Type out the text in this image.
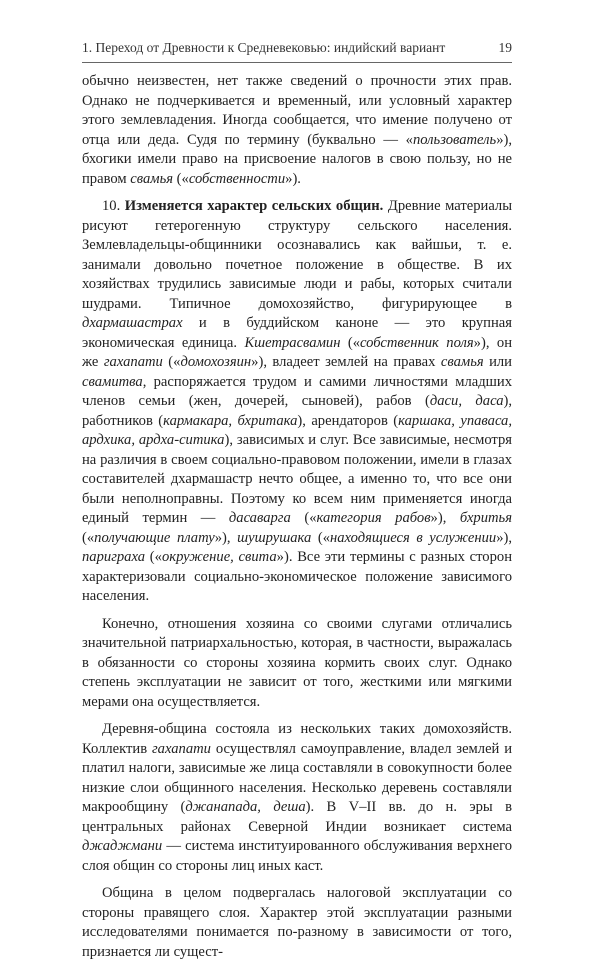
1. Переход от Древности к Средневековью: индийский вариант	19

обычно неизвестен, нет также сведений о прочности этих прав. Однако не подчеркивается и временный, или условный характер этого землевладения. Иногда сообщается, что имение получено от отца или деда. Судя по термину (буквально — «пользователь»), бхогики имели право на присвоение налогов в свою пользу, но не правом свамья («собственности»).

10. Изменяется характер сельских общин. Древние материалы рисуют гетерогенную структуру сельского населения. Землевладельцы-общинники осознавались как вайшьи, т. е. занимали довольно почетное положение в обществе. В их хозяйствах трудились зависимые люди и рабы, которых считали шудрами. Типичное домохозяйство, фигурирующее в дхармашастрах и в буддийском каноне — это крупная экономическая единица. Кшетрасвамин («собственник поля»), он же гахапати («домохозяин»), владеет землей на правах свамья или свамитва, распоряжается трудом и самими личностями младших членов семьи (жен, дочерей, сыновей), рабов (даси, даса), работников (кармакара, бхритака), арендаторов (каршака, упаваса, ардхика, ардха-ситика), зависимых и слуг. Все зависимые, несмотря на различия в своем социально-правовом положении, имели в глазах составителей дхармашастр нечто общее, а именно то, что все они были неполноправны. Поэтому ко всем ним применяется иногда единый термин — дасаварга («категория рабов»), бхритья («получающие плату»), шушрушака («находящиеся в услужении»), париграха («окружение, свита»). Все эти термины с разных сторон характеризовали социально-экономическое положение зависимого населения.

Конечно, отношения хозяина со своими слугами отличались значительной патриархальностью, которая, в частности, выражалась в обязанности со стороны хозяина кормить своих слуг. Однако степень эксплуатации не зависит от того, жесткими или мягкими мерами она осуществляется.

Деревня-община состояла из нескольких таких домохозяйств. Коллектив гахапати осуществлял самоуправление, владел землей и платил налоги, зависимые же лица составляли в совокупности более низкие слои общинного населения. Несколько деревень составляли макрообщину (джанапада, деша). В V–II вв. до н. эры в центральных районах Северной Индии возникает система джаджмани — система институированного обслуживания верхнего слоя общин со стороны лиц иных каст.

Община в целом подвергалась налоговой эксплуатации со стороны правящего слоя. Характер этой эксплуатации разными исследователями понимается по-разному в зависимости от того, признается ли сущест-
